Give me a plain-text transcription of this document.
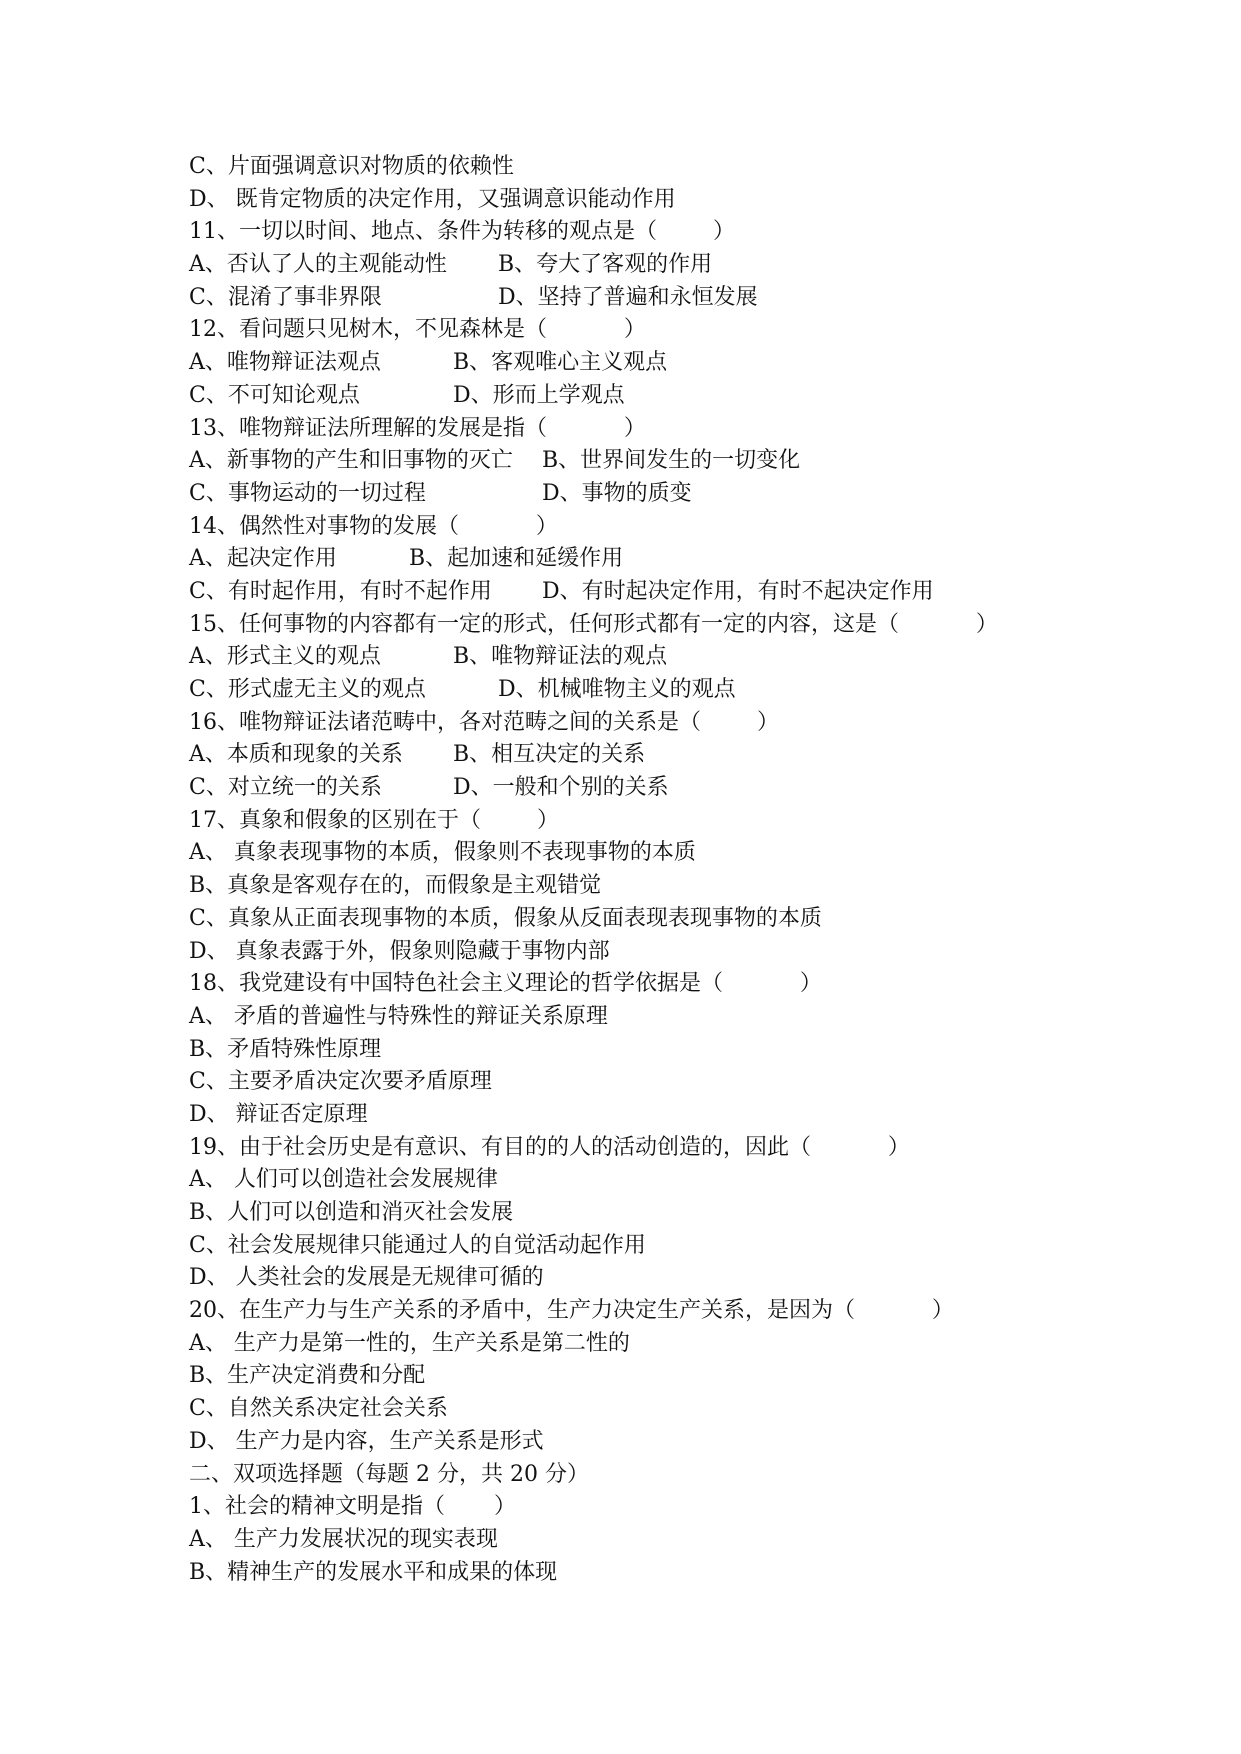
C、片面强调意识对物质的依赖性
D、 既肯定物质的决定作用，又强调意识能动作用
11、一切以时间、地点、条件为转移的观点是（        ）

A、否认了人的主观能动性

B、夸大了客观的作用

C、混淆了事非界限

	D、坚持了普遍和永恒发展

12、看问题只见树木，不见森林是（           ）

A、唯物辩证法观点

	B、客观唯心主义观点

C、不可知论观点

	D、形而上学观点

13、唯物辩证法所理解的发展是指（           ）

A、新事物的产生和旧事物的灭亡

B、世界间发生的一切变化

C、事物运动的一切过程

	D、事物的质变

14、偶然性对事物的发展（           ）

A、起决定作用

	B、起加速和延缓作用

C、有时起作用，有时不起作用

D、有时起决定作用，有时不起决定作用

15、任何事物的内容都有一定的形式，任何形式都有一定的内容，这是（           ）

A、形式主义的观点

	B、唯物辩证法的观点

C、形式虚无主义的观点

	D、机械唯物主义的观点

16、唯物辩证法诸范畴中，各对范畴之间的关系是（        ）

A、本质和现象的关系

B、相互决定的关系

C、对立统一的关系

	D、一般和个别的关系

17、真象和假象的区别在于（        ）
A、 真象表现事物的本质，假象则不表现事物的本质
B、真象是客观存在的，而假象是主观错觉
C、真象从正面表现事物的本质，假象从反面表现表现事物的本质
D、 真象表露于外，假象则隐藏于事物内部
18、我党建设有中国特色社会主义理论的哲学依据是（           ）
A、 矛盾的普遍性与特殊性的辩证关系原理
B、矛盾特殊性原理
C、主要矛盾决定次要矛盾原理
D、 辩证否定原理
19、由于社会历史是有意识、有目的的人的活动创造的，因此（           ）
A、 人们可以创造社会发展规律
B、人们可以创造和消灭社会发展
C、社会发展规律只能通过人的自觉活动起作用
D、 人类社会的发展是无规律可循的
20、在生产力与生产关系的矛盾中，生产力决定生产关系，是因为（           ）
A、 生产力是第一性的，生产关系是第二性的
B、生产决定消费和分配
C、自然关系决定社会关系
D、 生产力是内容，生产关系是形式
二、双项选择题（每题 2 分，共 20 分）
1、社会的精神文明是指（       ）
A、 生产力发展状况的现实表现
B、精神生产的发展水平和成果的体现
